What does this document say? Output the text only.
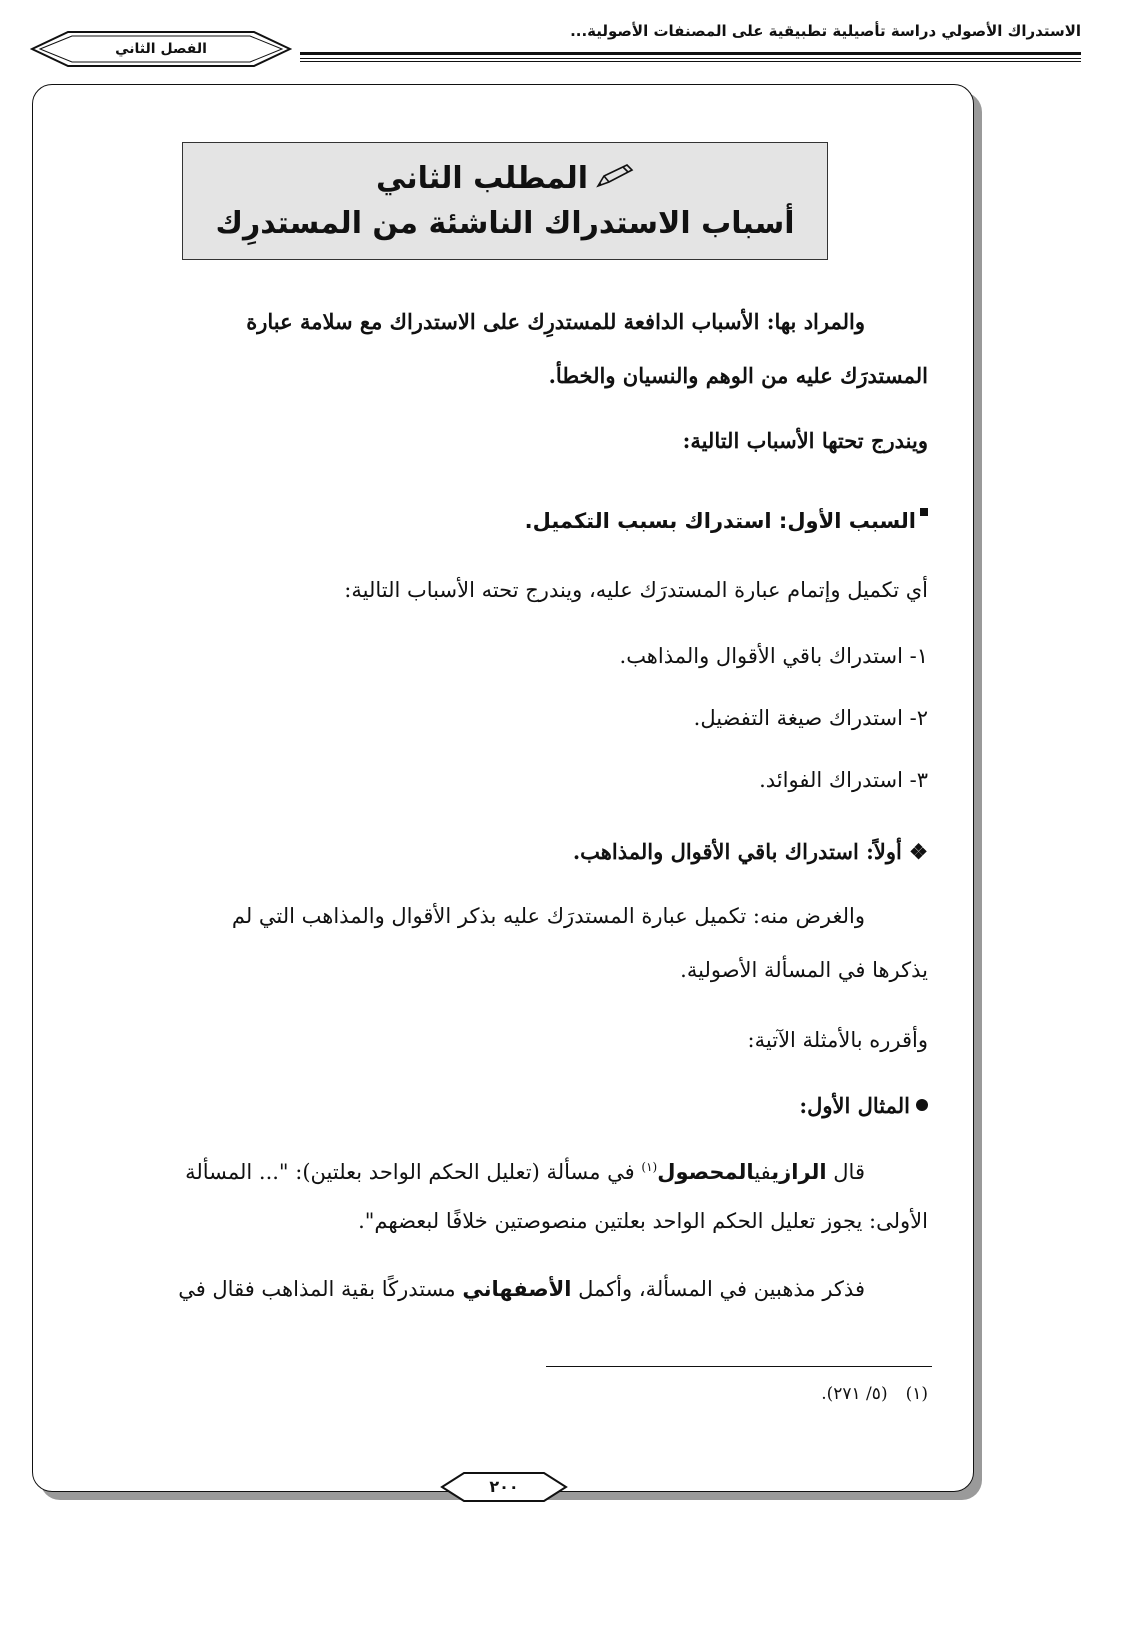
الاستدراك الأصولي دراسة تأصيلية تطبيقية على المصنفات الأصولية...
الفصل الثاني
المطلب الثاني
أسباب الاستدراك الناشئة من المستدرِك
والمراد بها: الأسباب الدافعة للمستدرِك على الاستدراك مع سلامة عبارة
المستدرَك عليه من الوهم والنسيان والخطأ.
ويندرج تحتها الأسباب التالية:
السبب الأول: استدراك بسبب التكميل.
أي تكميل وإتمام عبارة المستدرَك عليه، ويندرج تحته الأسباب التالية:
١- استدراك باقي الأقوال والمذاهب.
٢- استدراك صيغة التفضيل.
٣- استدراك الفوائد.
❖ أولاً: استدراك باقي الأقوال والمذاهب.
والغرض منه: تكميل عبارة المستدرَك عليه بذكر الأقوال والمذاهب التي لم
يذكرها في المسألة الأصولية.
وأقرره بالأمثلة الآتية:
المثال الأول:
قال الرازيفيالمحصول$^{(١)}$ في مسألة (تعليل الحكم الواحد بعلتين): "... المسألة
الأولى: يجوز تعليل الحكم الواحد بعلتين منصوصتين خلافًا لبعضهم".
فذكر مذهبين في المسألة، وأكمل الأصفهاني مستدركًا بقية المذاهب فقال في
(١)(٥/ ٢٧١).
٢٠٠
